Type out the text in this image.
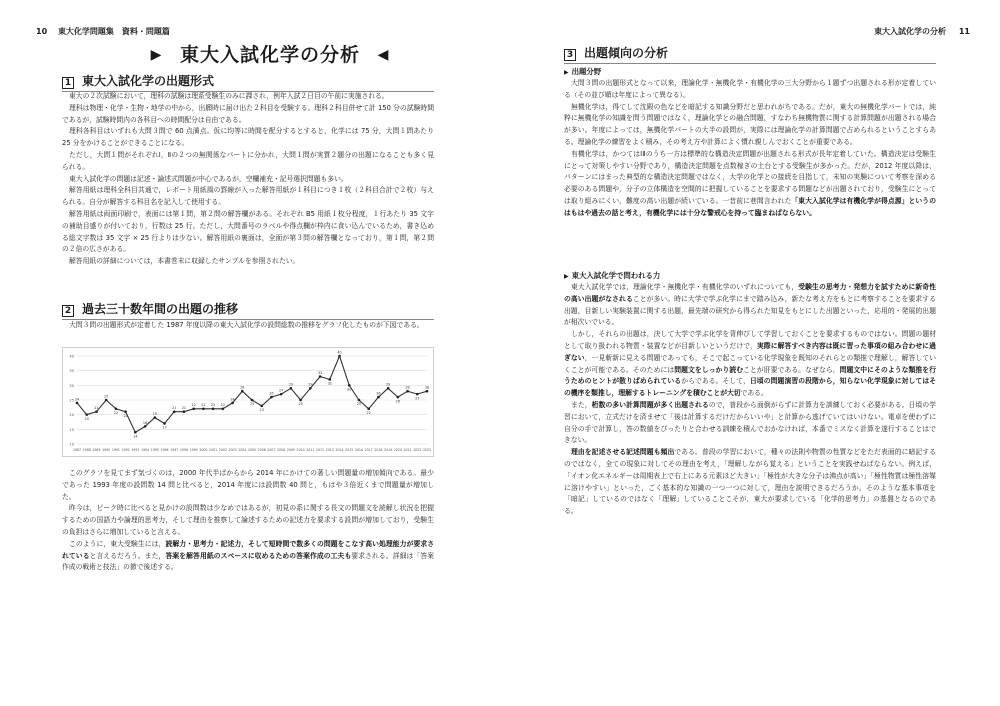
10 東大化学問題集　資料・問題篇
▶ 東大入試化学の分析 ◀
1 東大入試化学の出題形式

東大の２次試験において，理科の試験は理系受験生のみに課され，例年入試２日目の午前に実施される。

理科は物理・化学・生物・地学の中から，出願時に届け出た２科目を受験する。理科２科目併せて計 150 分の試験時間であるが，試験時間内の各科目への時間配分は自由である。

理科各科目はいずれも大問３問で 60 点満点。仮に均等に時間を配分するとすると，化学には 75 分，大問１問あたり 25 分をかけることができることになる。

ただし，大問１問がそれぞれⅠ，Ⅱの２つの無関係なパートに分かれ，大問１問が実質２題分の出題になることも多く見られる。

東大入試化学の問題は記述・論述式問題が中心であるが，空欄補充・記号選択問題も多い。

解答用紙は理科全科目共通で，レポート用紙風の罫線が入った解答用紙が１科目につき１枚（２科目合計で２枚）与えられる。自分が解答する科目名を記入して使用する。

解答用紙は両面印刷で，表面には第１問，第２問の解答欄がある。それぞれ B5 用紙１枚分程度，１行あたり 35 文字の補助目盛りが付いており，行数は 25 行。ただし，大問番号のラベルや得点欄が枠内に食い込んでいるため，書き込める総文字数は 35 文字 × 25 行よりは少ない。解答用紙の裏面は，全面が第３問の解答欄となっており，第１問，第２問の２倍の広さがある。

解答用紙の詳細については，本書巻末に収録したサンプルを参照されたい。

2 過去三十数年間の出題の推移

大問３問の出題形式が定着した 1987 年度以降の東大入試化学の設問総数の推移をグラフ化したものが下図である。

10
15
20
25
30
35
40
1987 1988 1989 1990 1991 1992 1993 1994 1995 1996 1997 1998 1999 2000 2001 2002 2003 2004 2005 2006 2007 2008 2009 2010 2011 2012 2013 2014 2015 2016 2017 2018 2019 2020 2021 2022 2023
24
20
21
25
22
21
14
16
19
17
21 21
22 22 22 22
24
28
25
23
26
27
29
25
29
33
32
40
30
25
22
26
29
26
28
27
28

このグラフを見てまず気づくのは，2000 年代半ばからから 2014 年にかけての著しい問題量の増加傾向である。最少であった 1993 年度の設問数 14 問と比べると，2014 年度には設問数 40 問と，もはや３倍近くまで問題量が増加した。

昨今は，ピーク時に比べると見かけの設問数は少なめではあるが，初見の系に関する長文の問題文を読解し状況を把握するための国語力や論理的思考力，そして理由を推察して論述するための記述力を要求する設問が増加しており，受験生の負担はさらに増加していると言える。

このように，東大受験生には，読解力・思考力・記述力，そして短時間で数多くの問題をこなす高い処理能力が要求されていると言えるだろう。また，答案を解答用紙のスペースに収めるための答案作成の工夫も要求される。詳細は「答案作成の戦術と技法」の節で後述する。

東大入試化学の分析 11
3 出題傾向の分析
▶ 出題分野

大問３問の出題形式となって以来，理論化学・無機化学・有機化学の三大分野から１題ずつ出題される形が定着している（その並び順は年度によって異なる）。

無機化学は，得てして沈殿の色などを暗記する知識分野だと思われがちである。だが，東大の無機化学パートでは，純粋に無機化学の知識を問う問題ではなく，理論化学との融合問題，すなわち無機物質に関する計算問題が出題される場合が多い。年度によっては，無機化学パートの大半の設問が，実際には理論化学の計算問題で占められるということすらある。理論化学の練習をよく積み，その考え方や計算によく慣れ親しんでおくことが重要である。

有機化学は，かつてはⅠⅡのうち一方は標準的な構造決定問題が出題される形式が長年定着していた。構造決定は受験生にとって対策しやすい分野であり，構造決定問題を点数稼ぎの土台とする受験生が多かった。だが，2012 年度以降は，パターンにはまった典型的な構造決定問題ではなく，大学の化学との接続を目指して，未知の実験について考察を深める必要のある問題や，分子の立体構造を空間的に把握していることを要求する問題などが出題されており，受験生にとっては取り組みにくい，難度の高い出題が続いている。一昔前に巷間言われた「東大入試化学は有機化学が得点源」というのはもはや過去の話と考え，有機化学には十分な警戒心を持って臨まねばならない。

▶ 東大入試化学で問われる力

東大入試化学では，理論化学・無機化学・有機化学のいずれについても，受験生の思考力・発想力を試すために新奇性の高い出題がなされることが多い。時に大学で学ぶ化学にまで踏み込み，新たな考え方をもとに考察することを要求する出題，目新しい実験装置に関する出題，最先端の研究から得られた知見をもとにした出題といった，応用的・発展的出題が相次いでいる。

しかし，それらの出題は，決して大学で学ぶ化学を背伸びして学習しておくことを要求するものではない。問題の題材として取り扱われる物質・装置などが目新しいというだけで，実際に解答すべき内容は既に習った事項の組み合わせに過ぎない，一見斬新に見える問題であっても，そこで起こっている化学現象を既知のそれらとの類推で理解し，解答していくことが可能である。そのためには問題文をしっかり読むことが肝要である。なぜなら，問題文中にそのような類推を行うためのヒントが散りばめられているからである。そして，日頃の問題演習の段階から，知らない化学現象に対してはその機序を類推し，理解するトレーニングを積むことが大切である。

また，桁数の多い計算問題が多く出題されるので，普段から面倒がらずに計算力を訓練しておく必要がある。日頃の学習において，立式だけを済ませて「後は計算するだけだからいいや」と計算から逃げていてはいけない。電卓を使わずに自分の手で計算し，答の数値をぴったりと合わせる訓練を積んでおかなければ，本番でミスなく計算を遂行することはできない。

理由を記述させる記述問題も頻出である。普段の学習において，種々の法則や物質の性質などをただ表面的に暗記するのではなく，全ての現象に対してその理由を考え，「理解しながら覚える」ということを実践せねばならない。例えば，「イオン化エネルギーは周期表上で右上にある元素ほど大きい」「極性が大きな分子は沸点が高い」「極性物質は極性溶媒に溶けやすい」といった，ごく基本的な知識の一つ一つに対して，理由を説明できるだろうか。そのような基本事項を「暗記」しているのではなく「理解」していることこそが，東大が要求している「化学的思考力」の基盤となるのである。
